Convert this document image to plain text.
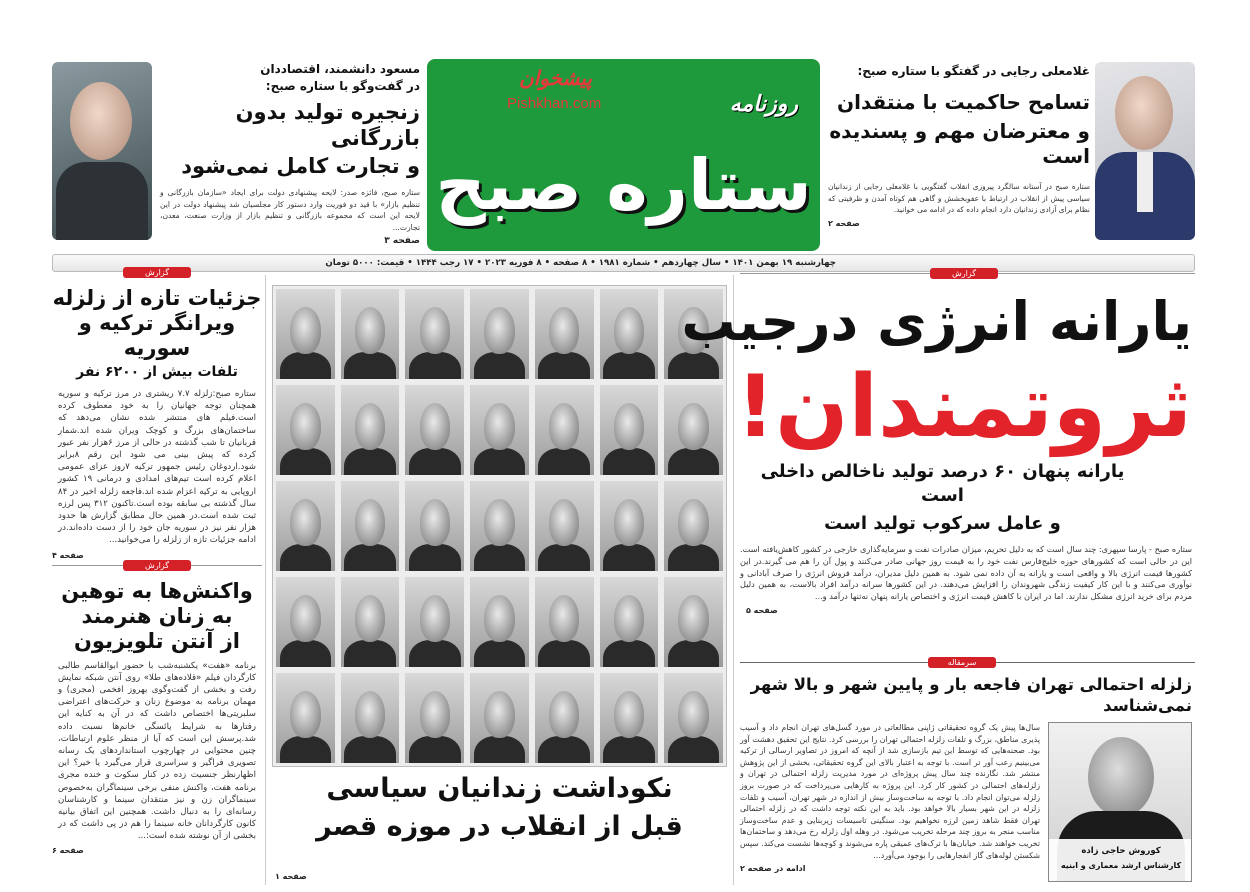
مسعود دانشمند، اقتصاددان
در گفت‌وگو با ستاره صبح:
زنجیره تولید بدون بازرگانی
و تجارت کامل نمی‌شود
ستاره صبح، فائزه صدر: لایحه پیشنهادی دولت برای ایجاد «سازمان بازرگانی و تنظیم بازار» با قید دو فوریت وارد دستور کار مجلسیان شد پیشنهاد دولت در این لایحه این است که مجموعه بازرگانی و تنظیم بازار از وزارت صنعت، معدن، تجارت...
صفحه ۳
پیشخوان
Pishkhan.com	روزنامه
ستاره صبح
غلامعلی رجایی در گفتگو با ستاره صبح:
تسامح حاکمیت با منتقدان
و معترضان مهم و پسندیده است
ستاره صبح در آستانه سالگرد پیروزی انقلاب گفتگویی با غلامعلی رجایی از زندانیان سیاسی پیش از انقلاب در ارتباط با عفوبخشش و گاهی هم کوتاه آمدن و ظرفیتی که نظام برای آزادی زندانیان دارد انجام داده که در ادامه می خوانید.
صفحه ۲
چهارشنبه ۱۹ بهمن ۱۴۰۱ • سال چهاردهم • شماره ۱۹۸۱ • ۸ صفحه • ۸ فوریه ۲۰۲۳ • ۱۷ رجب ۱۴۴۴ • قیمت: ۵۰۰۰ تومان
گزارش
جزئیات تازه از زلزله
ویرانگر ترکیه و سوریه
تلفات بیش از ۶۲۰۰ نفر
ستاره صبح:زلزله ۷.۷ ریشتری در مرز ترکیه و سوریه همچنان توجه جهانیان را به خود معطوف کرده است.فیلم های منتشر شده نشان می‌دهد که ساختمان‌های بزرگ و کوچک ویران شده اند.شمار قربانیان تا شب گذشته در حالی از مرز ۶هزار نفر عبور کرده که پیش بینی می شود این رقم ۸برابر شود.اردوغان رئیس جمهور ترکیه ۷روز عزای عمومی اعلام کرده است تیم‌های امدادی و درمانی ۱۹ کشور اروپایی به ترکیه اعزام شده اند.فاجعه زلزله اخیر در ۸۴ سال گذشته بی سابقه بوده است.تاکنون ۳۱۲ پس لرزه ثبت شده است.در همین حال مطابق گزارش ها حدود هزار نفر نیز در سوریه جان خود را از دست داده‌اند.در ادامه جزئیات تازه از زلزله را می‌خوانید...
صفحه ۴
گزارش
واکنش‌ها به توهین
به زنان هنرمند
از آنتن تلویزیون
برنامه «هفت» یکشنبه‌شب با حضور ابوالقاسم طالبی کارگردان فیلم «قلاده‌های طلا» روی آنتن شبکه نمایش رفت و بخشی از گفت‌وگوی بهروز افخمی (مجری) و مهمان برنامه به موضوع زنان و حرکت‌های اعتراضی سلبریتی‌ها اختصاص داشت که در آن به کنایه این رفتارها به شرایط یائسگی خانم‌ها نسبت داده شد.پرسش این است که آیا از منظر علوم ارتباطات، چنین محتوایی در چهارچوب استانداردهای یک رسانه تصویری فراگیر و سراسری قرار می‌گیرد یا خیر؟ این اظهارنظر جنسیت زده در کنار سکوت و خنده مجری برنامه هفت، واکنش منفی برخی سینماگران به‌خصوص سینماگران زن و نیز منتقدان سینما و کارشناسان رسانه‌ای را به دنبال داشت. همچنین این اتفاق بیانیه کانون کارگردانان خانه سینما را هم در پی داشت که در بخشی از آن نوشته شده است:...
صفحه ۶
نکوداشت زندانیان سیاسی
قبل از انقلاب در موزه قصر
صفحه ۱
گزارش
یارانه انرژی درجیب
ثروتمندان!
یارانه پنهان ۶۰ درصد تولید ناخالص داخلی است
و عامل سرکوب تولید است
ستاره صبح - پارسا سپهری: چند سال است که به دلیل تحریم، میزان صادرات نفت و سرمایه‌گذاری خارجی در کشور کاهش‌یافته است. این در حالی است که کشورهای حوزه خلیج‌فارس نفت خود را به قیمت روز جهانی صادر می‌کنند و پول آن را هم می گیرند.در این کشورها قیمت انرژی بالا و واقعی است و یارانه به آن داده نمی شود. به همین دلیل مدیران، درآمد فروش انرژی را صرف آبادانی و نوآوری می‌کنند و با این کار کیفیت زندگی شهروندان را افزایش می‌دهند. در این کشورها سرانه درآمد افراد بالاست، به همین دلیل مردم برای خرید انرژی مشکل ندارند. اما در ایران با کاهش قیمت انرژی و اختصاص یارانه پنهان نه‌تنها درآمد و...
صفحه ۵
سرمقاله
زلزله احتمالی تهران فاجعه بار و پایین شهر و بالا شهر نمی‌شناسد
سال‌ها پیش یک گروه تحقیقاتی ژاپنی مطالعاتی در مورد گسل‌های تهران انجام داد و آسیب پذیری مناطق، بزرگ و تلفات زلزله احتمالی تهران را بررسی کرد. نتایج این تحقیق دهشت آور بود. صحنه‌هایی که توسط این تیم بازسازی شد از آنچه که امروز در تصاویر ارسالی از ترکیه می‌بینیم رعب آور تر است. با توجه به اعتبار بالای این گروه تحقیقاتی، بخشی از این پژوهش منتشر شد. نگارنده چند سال پیش پروژه‌ای در مورد مدیریت زلزله احتمالی در تهران و زلزله‌های احتمالی در کشور کار کرد. این پروژه به کارهایی می‌پرداخت که در صورت بروز زلزله می‌توان انجام داد. با توجه به ساخت‌وساز بیش از اندازه در شهر تهران، آسیب و تلفات زلزله در این شهر بسیار بالا خواهد بود. باید به این نکته توجه داشت که در زلزله احتمالی تهران فقط شاهد زمین لرزه نخواهیم بود. سنگینی تاسیسات زیربنایی و عدم ساخت‌وساز مناسب منجر به بروز چند مرحله تخریب می‌شود. در وهله اول زلزله رخ می‌دهد و ساختمان‌ها تخریب خواهند شد. خیابان‌ها با ترک‌های عمیقی پاره می‌شوند و کوچه‌ها نشست می‌کند. سپس شکستن لوله‌های گاز انفجارهایی را بوجود می‌آورد...
ادامه در صفحه ۲
کوروش حاجی زاده
کارشناس ارشد معماری و ابنیه
